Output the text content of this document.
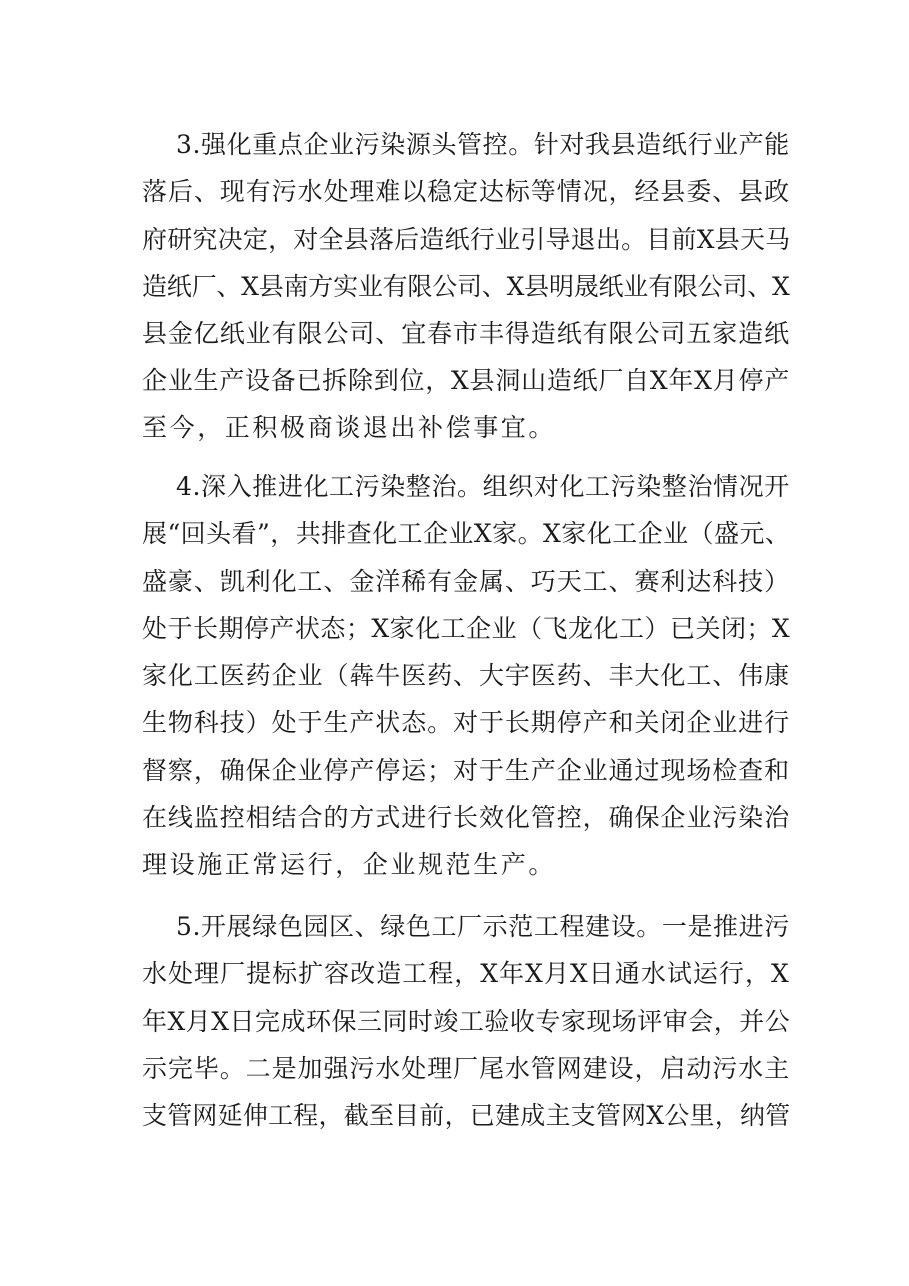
3.强化重点企业污染源头管控。针对我县造纸行业产能

落后、现有污水处理难以稳定达标等情况，经县委、县政

府研究决定，对全县落后造纸行业引导退出。目前X县天马

造纸厂、X县南方实业有限公司、X县明晟纸业有限公司、X

县金亿纸业有限公司、宜春市丰得造纸有限公司五家造纸

企业生产设备已拆除到位，X县洞山造纸厂自X年X月停产

至今，正积极商谈退出补偿事宜。

4.深入推进化工污染整治。组织对化工污染整治情况开

展“回头看”，共排查化工企业X家。X家化工企业（盛元、

盛豪、凯利化工、金洋稀有金属、巧天工、赛利达科技）

处于长期停产状态；X家化工企业（飞龙化工）已关闭；X

家化工医药企业（犇牛医药、大宇医药、丰大化工、伟康

生物科技）处于生产状态。对于长期停产和关闭企业进行

督察，确保企业停产停运；对于生产企业通过现场检查和

在线监控相结合的方式进行长效化管控，确保企业污染治

理设施正常运行，企业规范生产。

5.开展绿色园区、绿色工厂示范工程建设。一是推进污

水处理厂提标扩容改造工程，X年X月X日通水试运行，X

年X月X日完成环保三同时竣工验收专家现场评审会，并公

示完毕。二是加强污水处理厂尾水管网建设，启动污水主

支管网延伸工程，截至目前，已建成主支管网X公里，纳管
